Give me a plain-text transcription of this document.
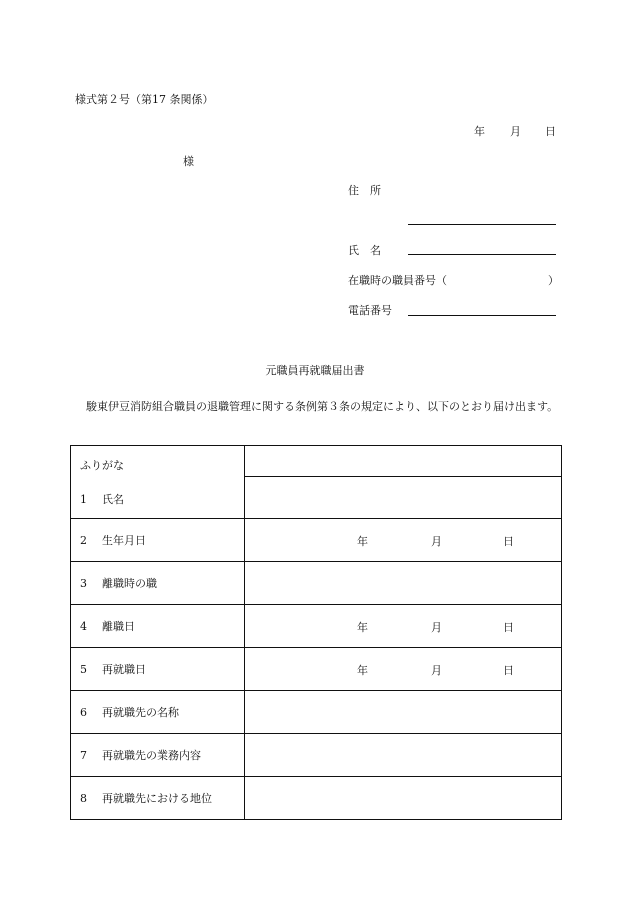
様式第２号（第17 条関係）
年 月 日
様
住　所
氏　名
在職時の職員番号（	）
電話番号
元職員再就職届出書
　駿東伊豆消防組合職員の退職管理に関する条例第３条の規定により、以下のとおり届け出ます。
ふりがな
1 氏名	

2 生年月日	年 月 日

3 離職時の職	
4 離職日	年 月 日

5 再就職日	年 月 日

6 再就職先の名称	
7 再就職先の業務内容	
8 再就職先における地位	
